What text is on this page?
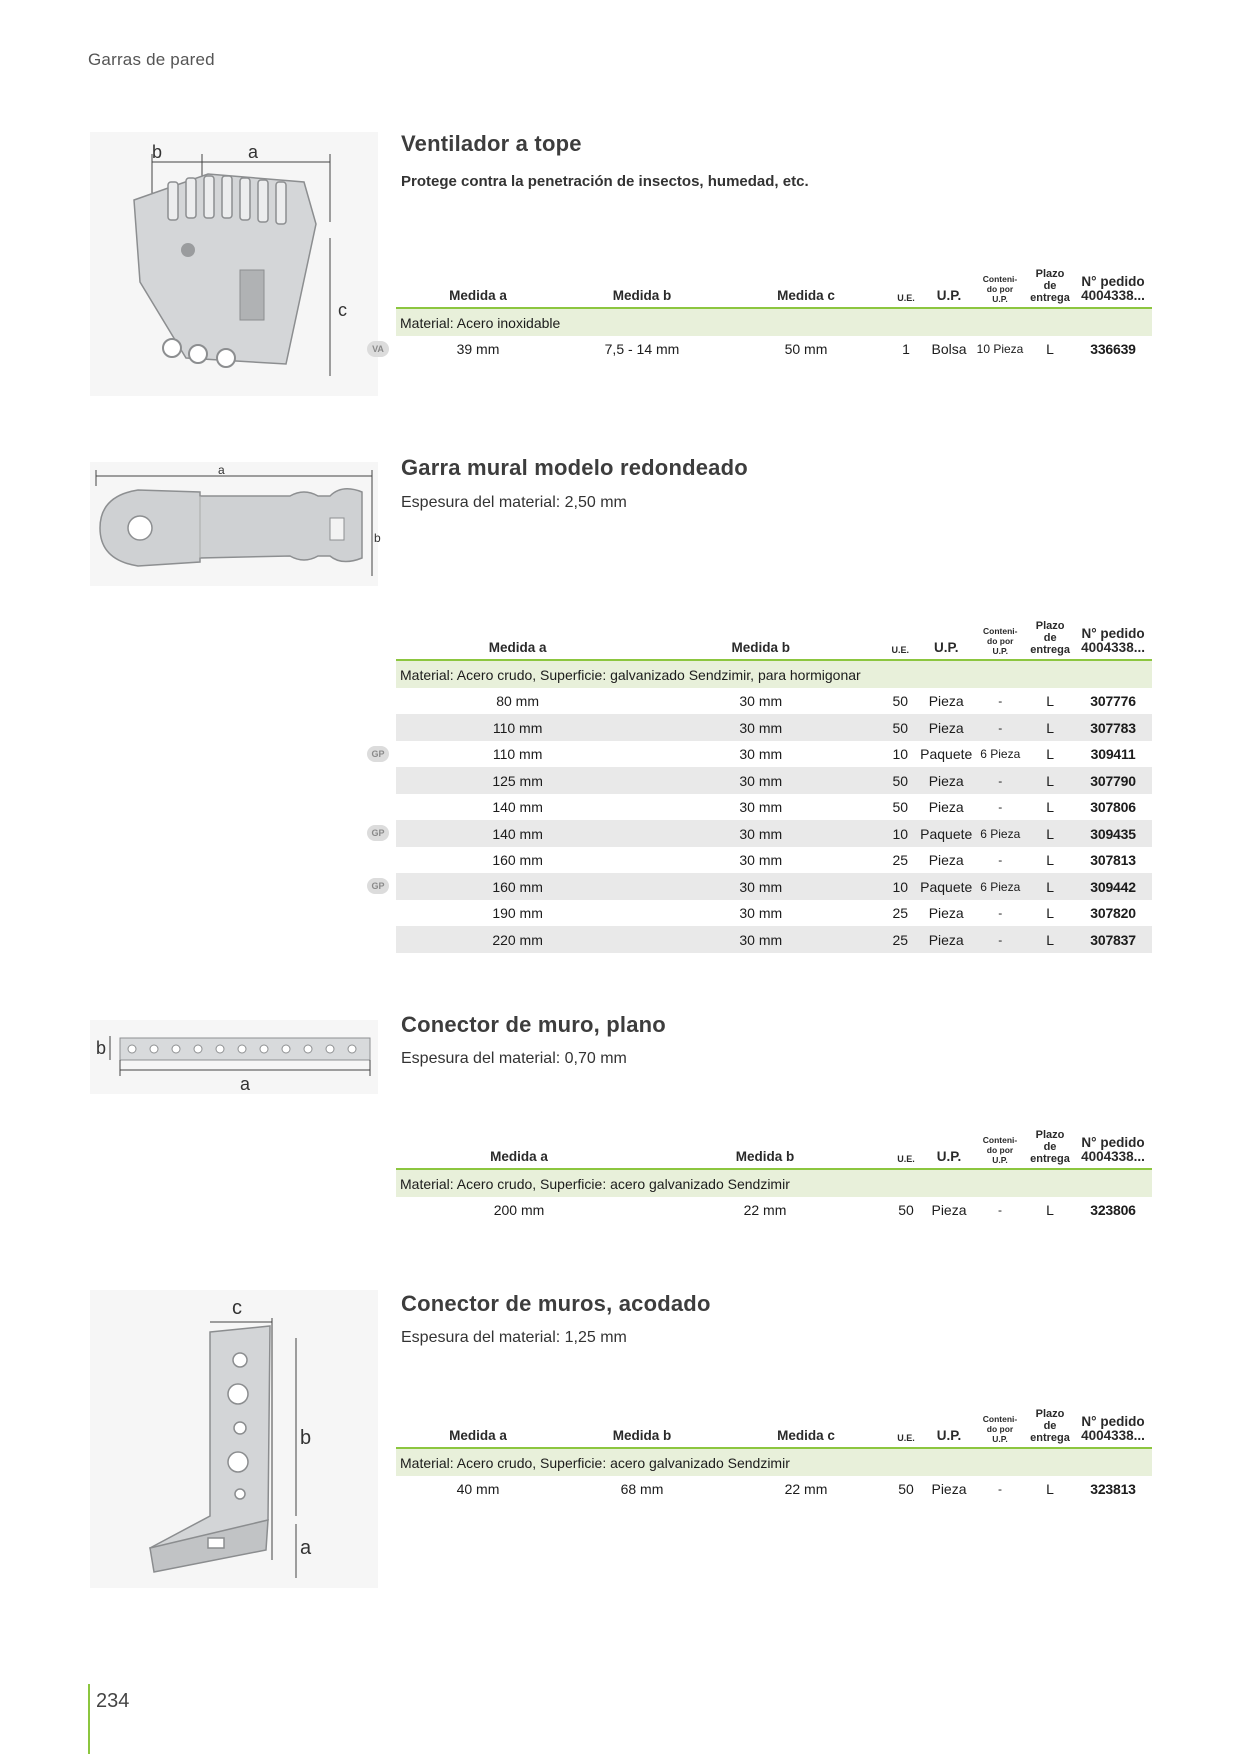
Garras de pared
b	a
c
Ventilador a tope
Protege contra la penetración de insectos, humedad, etc.
Medida a	Medida b	Medida c	U.E.	U.P.	Conteni-
do por
U.P.	Plazo de
entrega	N° pedido
4004338...
Material: Acero inoxidable							

VA 39 mm	7,5 - 14 mm	50 mm	1	Bolsa	10 Pieza	L	336639
a
b
Garra mural modelo redondeado
Espesura del material: 2,50 mm
Medida a	Medida b	U.E.	U.P.	Conteni-
do por
U.P.	Plazo de
entrega	N° pedido
4004338...
Material: Acero crudo, Superficie: galvanizado Sendzimir, para hormigonar						
80 mm	30 mm	50	Pieza	-	L	307776
110 mm	30 mm	50	Pieza	-	L	307783

GP 110 mm	30 mm	10	Paquete	6 Pieza	L	309411
125 mm	30 mm	50	Pieza	-	L	307790
140 mm	30 mm	50	Pieza	-	L	307806

GP 140 mm	30 mm	10	Paquete	6 Pieza	L	309435
160 mm	30 mm	25	Pieza	-	L	307813

GP 160 mm	30 mm	10	Paquete	6 Pieza	L	309442
190 mm	30 mm	25	Pieza	-	L	307820
220 mm	30 mm	25	Pieza	-	L	307837
b
a
Conector de muro, plano
Espesura del material: 0,70 mm
Medida a	Medida b	U.E.	U.P.	Conteni-
do por
U.P.	Plazo de
entrega	N° pedido
4004338...
Material: Acero crudo, Superficie: acero galvanizado Sendzimir						
200 mm	22 mm	50	Pieza	-	L	323806
c
b
a
Conector de muros, acodado
Espesura del material: 1,25 mm
Medida a	Medida b	Medida c	U.E.	U.P.	Conteni-
do por
U.P.	Plazo de
entrega	N° pedido
4004338...
Material: Acero crudo, Superficie: acero galvanizado Sendzimir							
40 mm	68 mm	22 mm	50	Pieza	-	L	323813
234
